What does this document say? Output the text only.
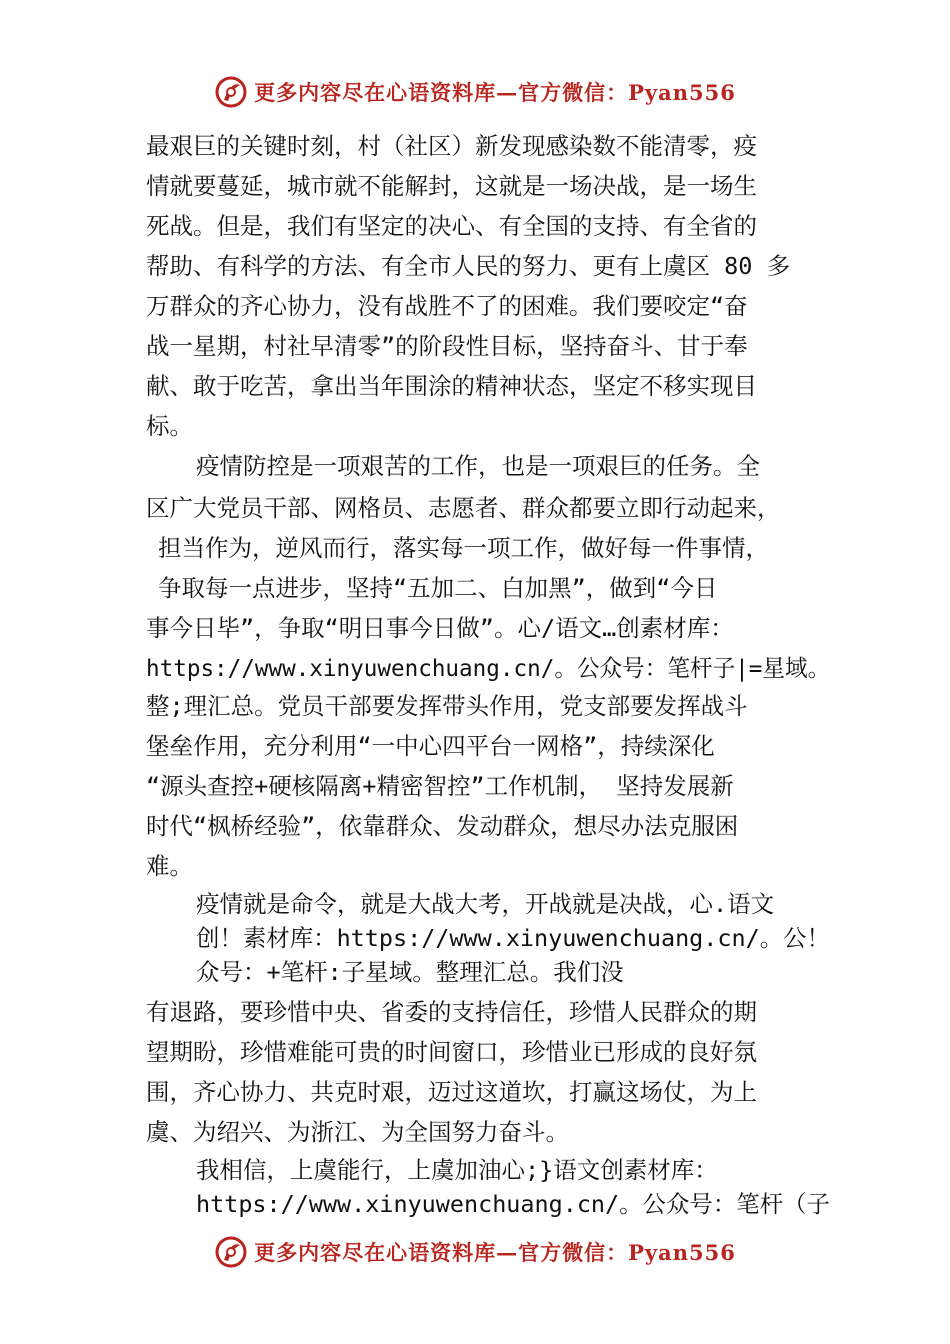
更多内容尽在心语资料库—官方微信：Pyan556
最艰巨的关键时刻，村（社区）新发现感染数不能清零，疫
情就要蔓延，城市就不能解封，这就是一场决战，是一场生
死战。但是，我们有坚定的决心、有全国的支持、有全省的
帮助、有科学的方法、有全市人民的努力、更有上虞区 80 多
万群众的齐心协力，没有战胜不了的困难。我们要咬定“奋
战一星期，村社早清零”的阶段性目标，坚持奋斗、甘于奉
献、敢于吃苦，拿出当年围涂的精神状态，坚定不移实现目
标。
疫情防控是一项艰苦的工作，也是一项艰巨的任务。全
区广大党员干部、网格员、志愿者、群众都要立即行动起来，
担当作为，逆风而行，落实每一项工作，做好每一件事情，
争取每一点进步，坚持“五加二、白加黑”，做到“今日
事今日毕”，争取“明日事今日做”。心/语文…创素材库：
https://www.xinyuwenchuang.cn/。公众号：笔杆子|=星域。
整;理汇总。党员干部要发挥带头作用，党支部要发挥战斗
堡垒作用，充分利用“一中心四平台一网格”，持续深化
“源头查控+硬核隔离+精密智控”工作机制， 坚持发展新
时代“枫桥经验”，依靠群众、发动群众，想尽办法克服困
难。
疫情就是命令，就是大战大考，开战就是决战，心.语文
创！素材库：https://www.xinyuwenchuang.cn/。公！
众号：+笔杆:子星域。整理汇总。我们没
有退路，要珍惜中央、省委的支持信任，珍惜人民群众的期
望期盼，珍惜难能可贵的时间窗口，珍惜业已形成的良好氛
围，齐心协力、共克时艰，迈过这道坎，打赢这场仗，为上
虞、为绍兴、为浙江、为全国努力奋斗。
我相信，上虞能行，上虞加油心;}语文创素材库：
https://www.xinyuwenchuang.cn/。公众号：笔杆（子
更多内容尽在心语资料库—官方微信：Pyan556
